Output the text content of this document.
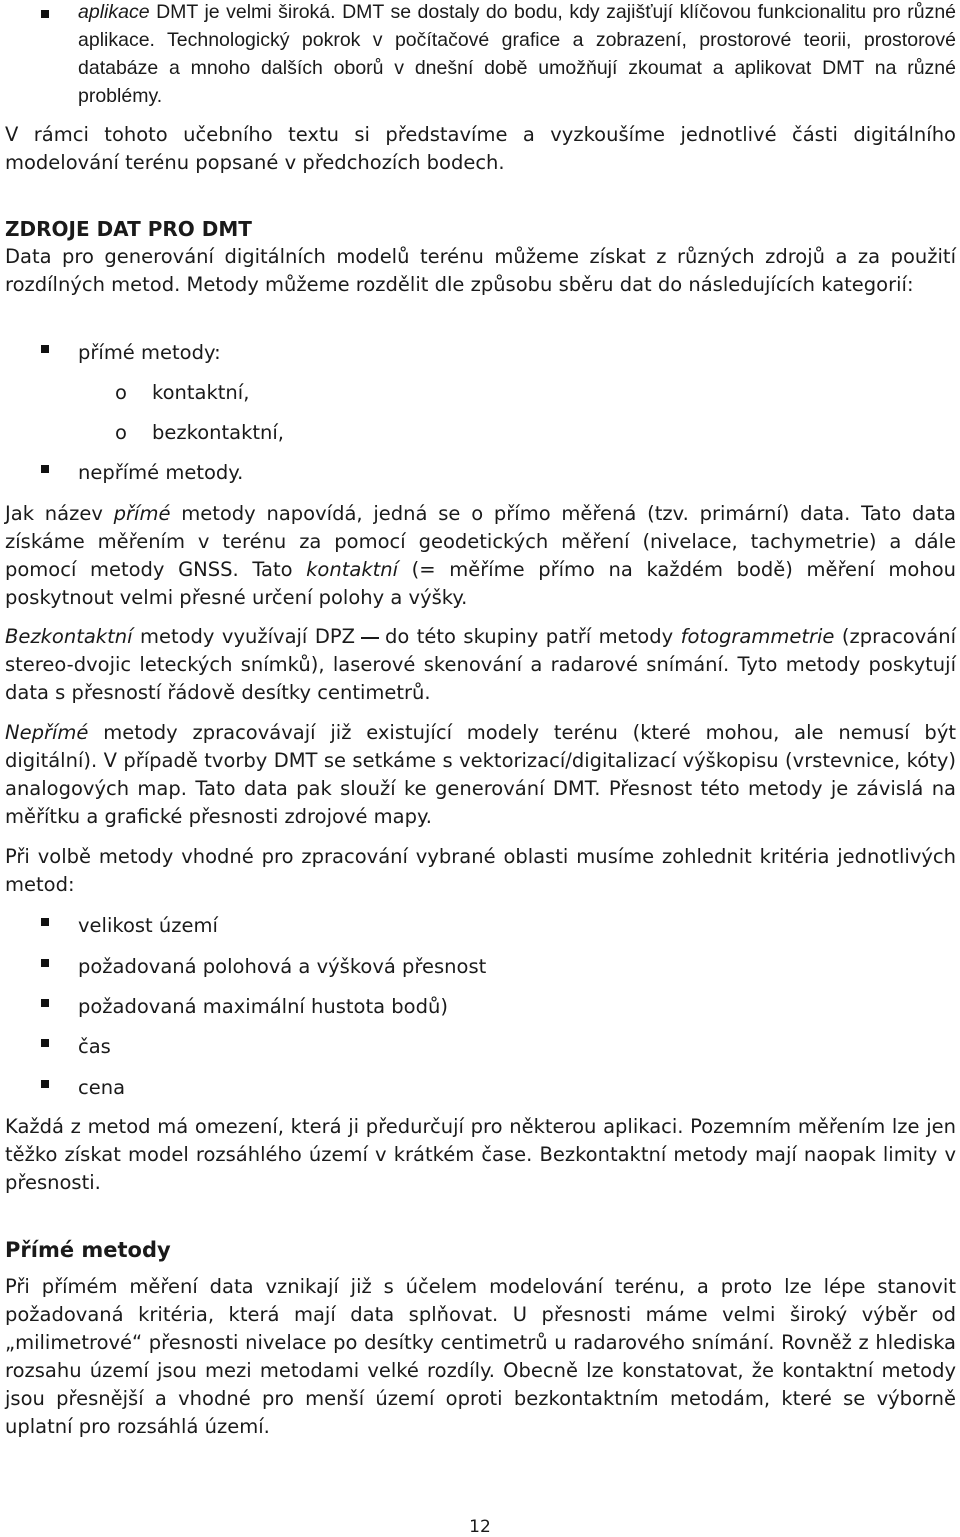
aplikace DMT je velmi široká. DMT se dostaly do bodu, kdy zajišťují klíčovou funkcionalitu pro různé aplikace. Technologický pokrok v počítačové grafice a zobrazení, prostorové teorii, prostorové databáze a mnoho dalších oborů v dnešní době umožňují zkoumat a aplikovat DMT na různé problémy.

V rámci tohoto učebního textu si představíme a vyzkoušíme jednotlivé části digitálního modelování terénu popsané v předchozích bodech.

ZDROJE DAT PRO DMT

Data pro generování digitálních modelů terénu můžeme získat z různých zdrojů a za použití rozdílných metod. Metody můžeme rozdělit dle způsobu sběru dat do následujících kategorií:

přímé metody:
o kontaktní,
o bezkontaktní,
nepřímé metody.

Jak název přímé metody napovídá, jedná se o přímo měřená (tzv. primární) data. Tato data získáme měřením v terénu za pomocí geodetických měření (nivelace, tachymetrie) a dále pomocí metody GNSS. Tato kontaktní (= měříme přímo na každém bodě) měření mohou poskytnout velmi přesné určení polohy a výšky.

Bezkontaktní metody využívají DPZ do této skupiny patří metody fotogrammetrie (zpracování stereo-dvojic leteckých snímků), laserové skenování a radarové snímání. Tyto metody poskytují data s přesností řádově desítky centimetrů.

Nepřímé metody zpracovávají již existující modely terénu (které mohou, ale nemusí být digitální). V případě tvorby DMT se setkáme s vektorizací/digitalizací výškopisu (vrstevnice, kóty) analogových map. Tato data pak slouží ke generování DMT. Přesnost této metody je závislá na měřítku a grafické přesnosti zdrojové mapy.

Při volbě metody vhodné pro zpracování vybrané oblasti musíme zohlednit kritéria jednotlivých metod:

velikost území
požadovaná polohová a výšková přesnost
požadovaná maximální hustota bodů)
čas
cena

Každá z metod má omezení, která ji předurčují pro některou aplikaci. Pozemním měřením lze jen těžko získat model rozsáhlého území v krátkém čase. Bezkontaktní metody mají naopak limity v přesnosti.

Přímé metody

Při přímém měření data vznikají již s účelem modelování terénu, a proto lze lépe stanovit požadovaná kritéria, která mají data splňovat. U přesnosti máme velmi široký výběr od „milimetrové“ přesnosti nivelace po desítky centimetrů u radarového snímání. Rovněž z hlediska rozsahu území jsou mezi metodami velké rozdíly. Obecně lze konstatovat, že kontaktní metody jsou přesnější a vhodné pro menší území oproti bezkontaktním metodám, které se výborně uplatní pro rozsáhlá území.

12
